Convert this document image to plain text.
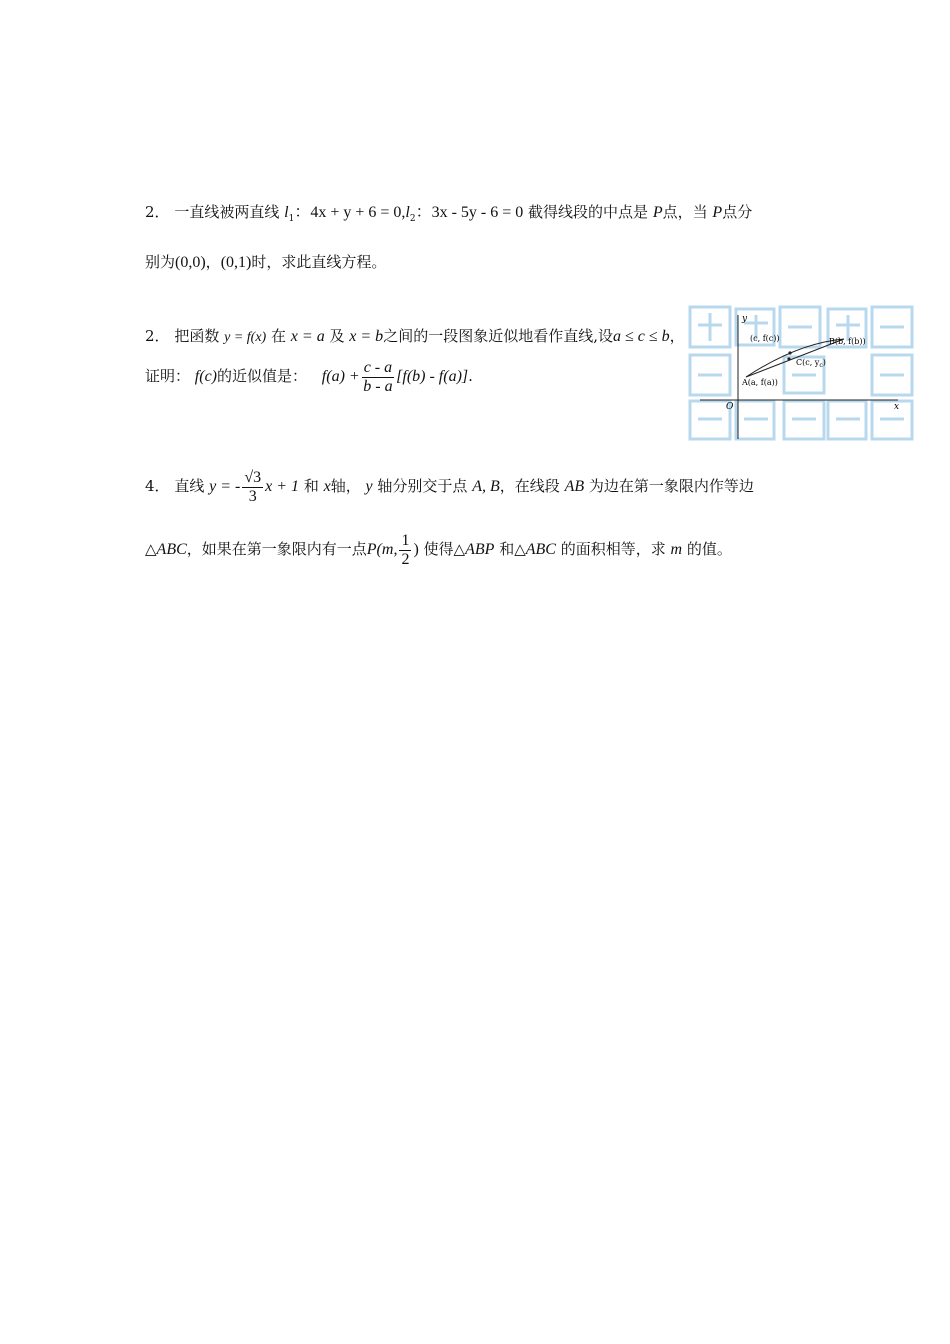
2． 一直线被两直线 $l_1$：$4x + y + 6 = 0,l_2$：3x - 5y - 6 = 0 截得线段的中点是 P点，当 P点分
别为(0,0)，(0,1)时，求此直线方程。
2． 把函数 y = f(x) 在 x = a 及 x = b之间的一段图象近似地看作直线,设a ≤ c ≤ b，
证明： f(c)的近似值是： $f(a) + \frac{c - a}{b - a} [f(b) - f(a)]$.
y
x
O
(c, f(c))	B(b, f(b))
C(c, $y_c$)
A(a, f(a))
4． 直线 y = - $\frac{√3}{3}$ x + 1 和 x轴， y 轴分别交于点 A, B，在线段 AB 为边在第一象限内作等边
△ABC，如果在第一象限内有一点P(m, $\frac{1}{2}$ ) 使得△ABP 和△ABC 的面积相等，求 m 的值。
